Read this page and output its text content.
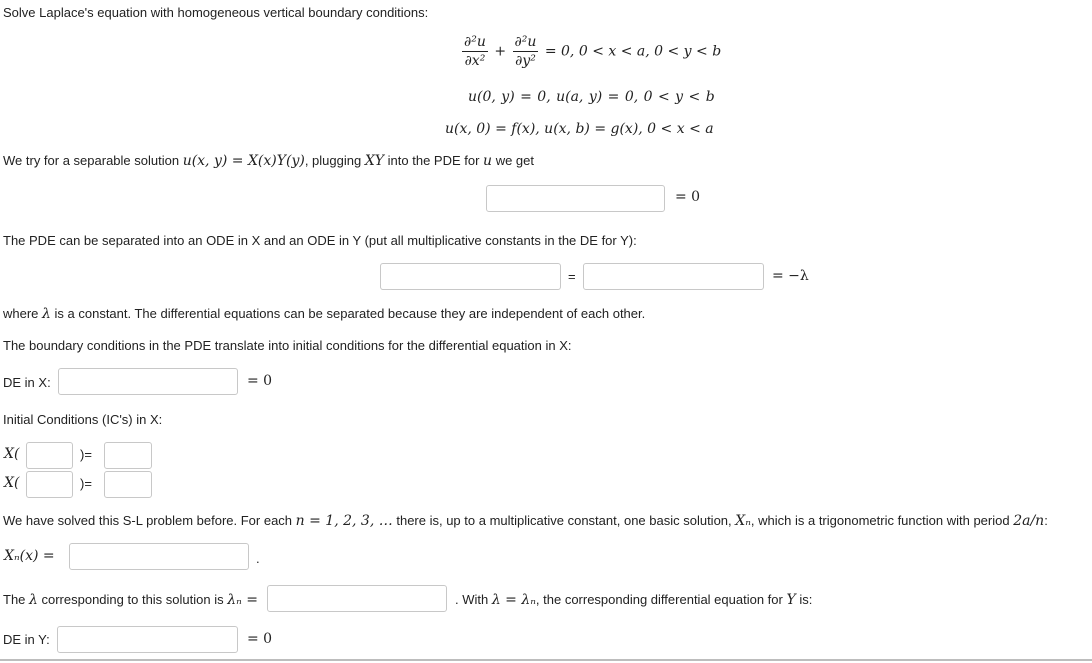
Solve Laplace's equation with homogeneous vertical boundary conditions:
$\frac{\text{∂²u}}{\text{∂x²}} + \frac{\text{∂²u}}{\text{∂y²}} = 0$, 0 < x < a, 0 < y < b
u(0, y) = 0, u(a, y) = 0, 0 < y < b
u(x, 0) = f(x), u(x, b) = g(x), 0 < x < a
We try for a separable solution u(x, y) = X(x)Y(y), plugging XY into the PDE for u we get
= 0
The PDE can be separated into an ODE in X and an ODE in Y (put all multiplicative constants in the DE for Y):
=	= −λ
where λ is a constant. The differential equations can be separated because they are independent of each other.
The boundary conditions in the PDE translate into initial conditions for the differential equation in X:
DE in X:	= 0
Initial Conditions (IC's) in X:
X(	)=
X(	)=
We have solved this S-L problem before. For each n = 1, 2, 3, … there is, up to a multiplicative constant, one basic solution, Xₙ, which is a trigonometric function with period 2a/n:
Xₙ(x) =	.
The λ corresponding to this solution is λₙ =	. With λ = λₙ, the corresponding differential equation for Y is:
DE in Y:	= 0
